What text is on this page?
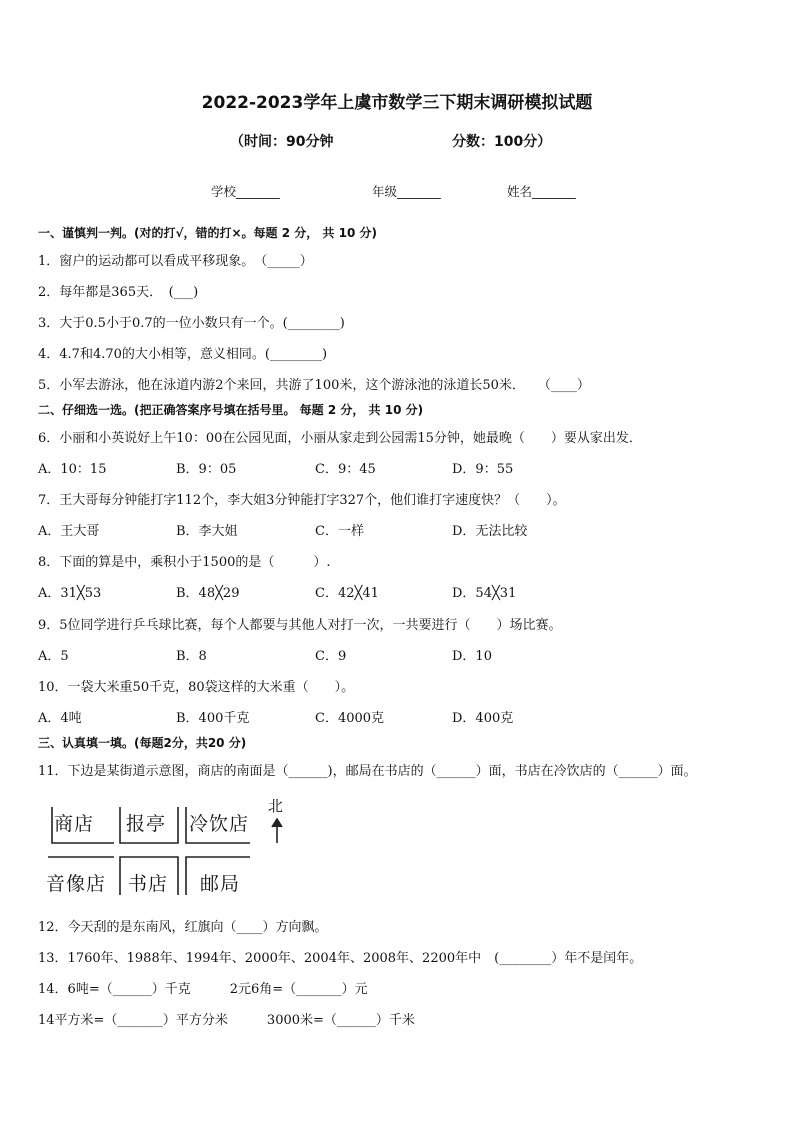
2022-2023学年上虞市数学三下期末调研模拟试题
（时间：90分钟	分数：100分）
学校_______	年级_______	姓名_______
一、谨慎判一判。(对的打√，错的打×。每题 2 分， 共 10 分)
1．窗户的运动都可以看成平移现象。　（_____）
2．每年都是365天．　(___)
3．大于0.5小于0.7的一位小数只有一个。(________)
4．4.7和4.70的大小相等，意义相同。(________)
5．小军去游泳，他在泳道内游2个来回，共游了100米，这个游泳池的泳道长50米．　　（____）
二、仔细选一选。(把正确答案序号填在括号里。 每题 2 分， 共 10 分)
6．小丽和小英说好上午10：00在公园见面，小丽从家走到公园需15分钟，她最晚（　　）要从家出发．
A．10：15	B．9：05	C．9：45	D．9：55
7．王大哥每分钟能打字112个，李大姐3分钟能打字327个，他们谁打字速度快？（　　）。
A．王大哥	B．李大姐	C．一样	D．无法比较
8．下面的算是中，乘积小于1500的是（　　　）.
A．31╳53	B．48╳29	C．42╳41	D．54╳31
9．5位同学进行乒乓球比赛，每个人都要与其他人对打一次，一共要进行（　　）场比赛。
A．5	B．8	C．9	D．10
10．一袋大米重50千克，80袋这样的大米重（　　）。
A．4吨	B．400千克	C．4000克	D．400克
三、认真填一填。(每题2分，共20 分)
11．下边是某街道示意图，商店的南面是（______)，邮局在书店的（______）面，书店在冷饮店的（______）面。
商店 报亭 冷饮店
音像店 书店 邮局
北
12．今天刮的是东南风，红旗向（____）方向飘。
13．1760年、1988年、1994年、2000年、2004年、2008年、2200年中　(________）年不是闰年。
14．6吨=（______）千克　　　2元6角=（_______）元
14平方米=（_______）平方分米　　　3000米=（______）千米
